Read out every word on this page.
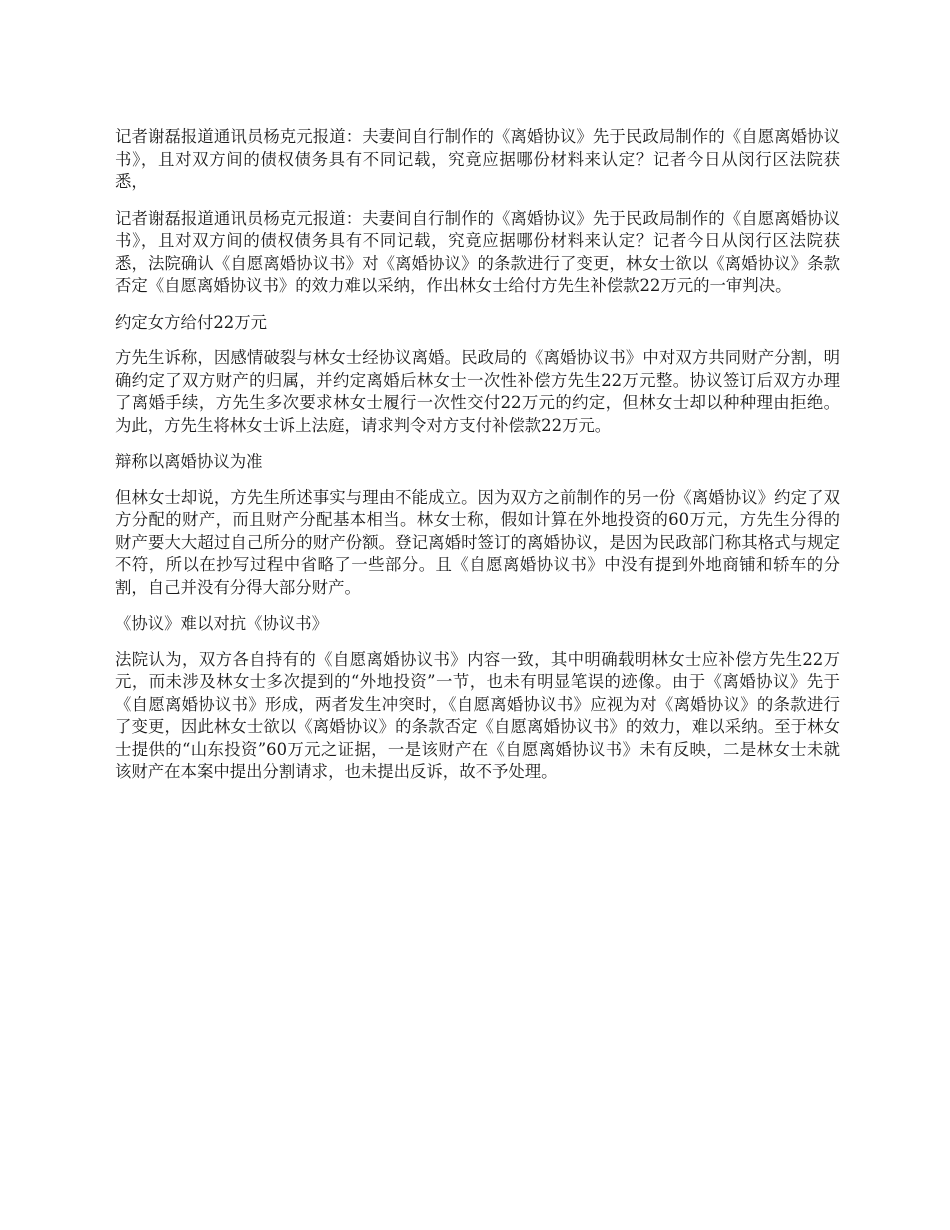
记者谢磊报道通讯员杨克元报道：夫妻间自行制作的《离婚协议》先于民政局制作的《自愿离婚协议书》，且对双方间的债权债务具有不同记载，究竟应据哪份材料来认定？记者今日从闵行区法院获悉，

记者谢磊报道通讯员杨克元报道：夫妻间自行制作的《离婚协议》先于民政局制作的《自愿离婚协议书》，且对双方间的债权债务具有不同记载，究竟应据哪份材料来认定？记者今日从闵行区法院获悉，法院确认《自愿离婚协议书》对《离婚协议》的条款进行了变更，林女士欲以《离婚协议》条款否定《自愿离婚协议书》的效力难以采纳，作出林女士给付方先生补偿款22万元的一审判决。

约定女方给付22万元

方先生诉称，因感情破裂与林女士经协议离婚。民政局的《离婚协议书》中对双方共同财产分割，明确约定了双方财产的归属，并约定离婚后林女士一次性补偿方先生22万元整。协议签订后双方办理了离婚手续，方先生多次要求林女士履行一次性交付22万元的约定，但林女士却以种种理由拒绝。为此，方先生将林女士诉上法庭，请求判令对方支付补偿款22万元。

辩称以离婚协议为准

但林女士却说，方先生所述事实与理由不能成立。因为双方之前制作的另一份《离婚协议》约定了双方分配的财产，而且财产分配基本相当。林女士称，假如计算在外地投资的60万元，方先生分得的财产要大大超过自己所分的财产份额。登记离婚时签订的离婚协议，是因为民政部门称其格式与规定不符，所以在抄写过程中省略了一些部分。且《自愿离婚协议书》中没有提到外地商铺和轿车的分割，自己并没有分得大部分财产。

《协议》难以对抗《协议书》

法院认为，双方各自持有的《自愿离婚协议书》内容一致，其中明确载明林女士应补偿方先生22万元，而未涉及林女士多次提到的“外地投资”一节，也未有明显笔误的迹像。由于《离婚协议》先于《自愿离婚协议书》形成，两者发生冲突时，《自愿离婚协议书》应视为对《离婚协议》的条款进行了变更，因此林女士欲以《离婚协议》的条款否定《自愿离婚协议书》的效力，难以采纳。至于林女士提供的“山东投资”60万元之证据，一是该财产在《自愿离婚协议书》未有反映，二是林女士未就该财产在本案中提出分割请求，也未提出反诉，故不予处理。
